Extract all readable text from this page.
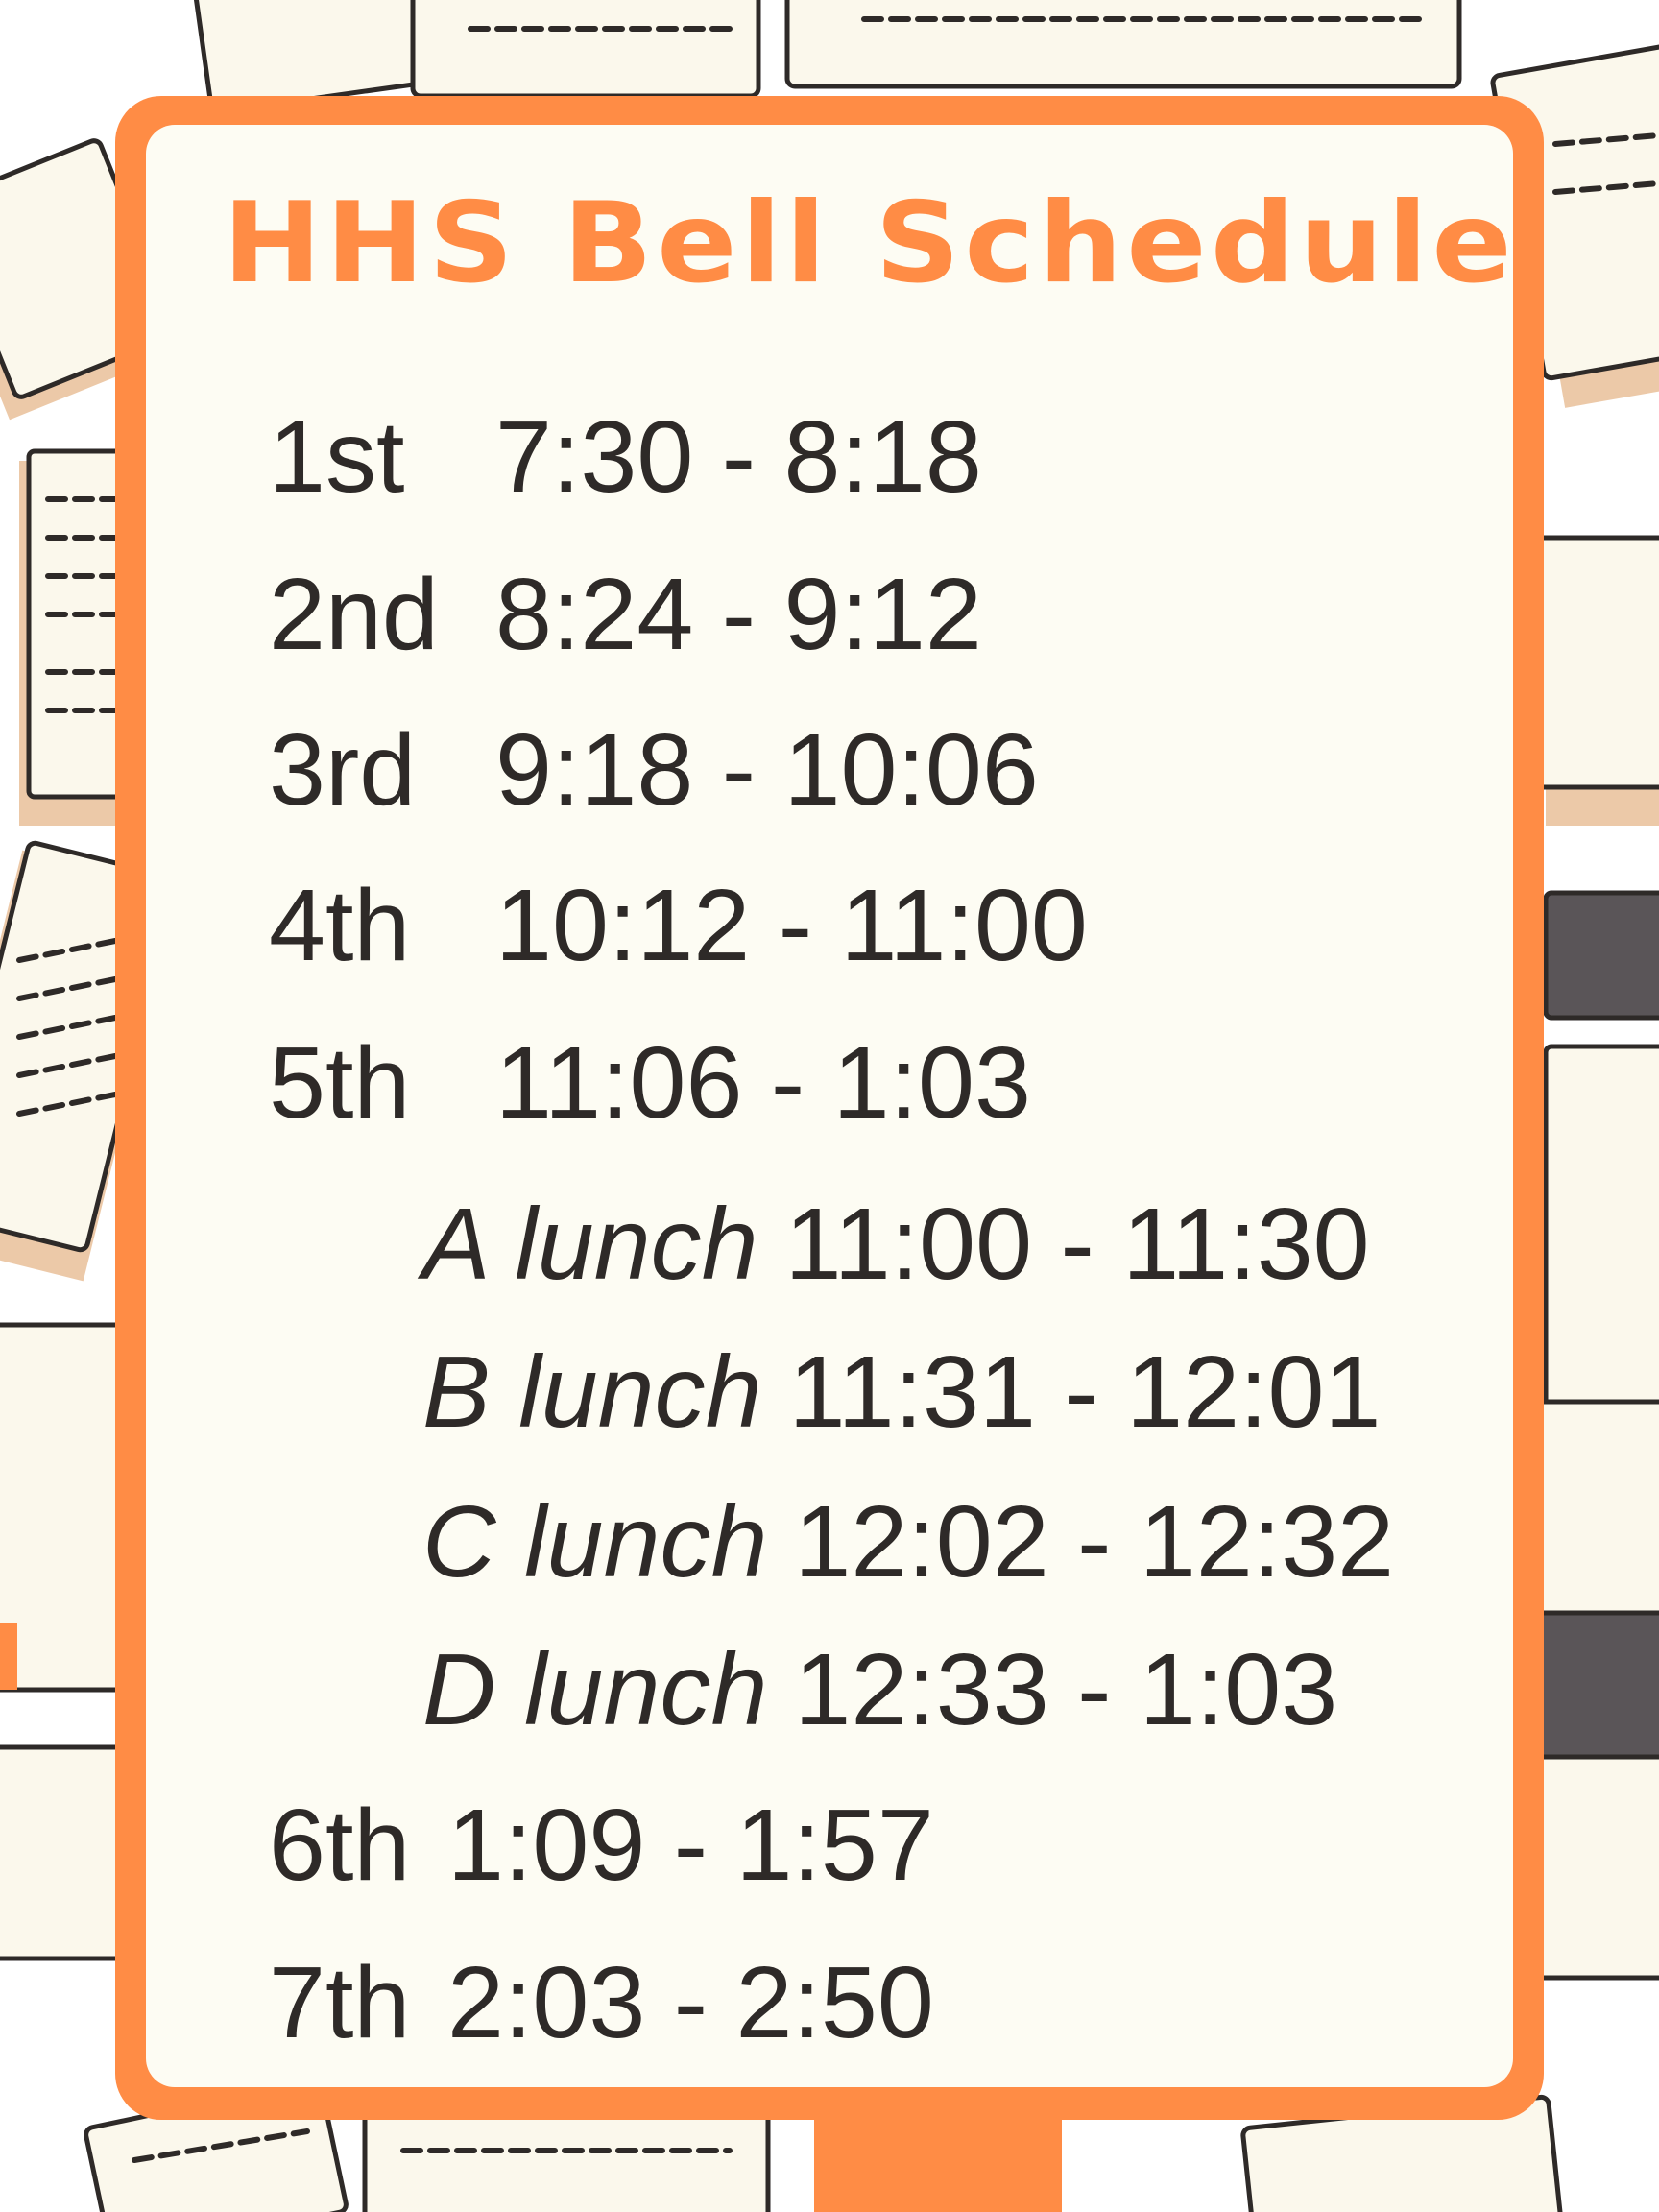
HHS Bell Schedule
1st 7:30 - 8:18
2nd 8:24 - 9:12
3rd 9:18 - 10:06
4th 10:12 - 11:00
5th 11:06 - 1:03
A lunch 11:00 - 11:30
B lunch 11:31 - 12:01
C lunch 12:02 - 12:32
D lunch 12:33 - 1:03
6th 1:09 - 1:57
7th 2:03 - 2:50
